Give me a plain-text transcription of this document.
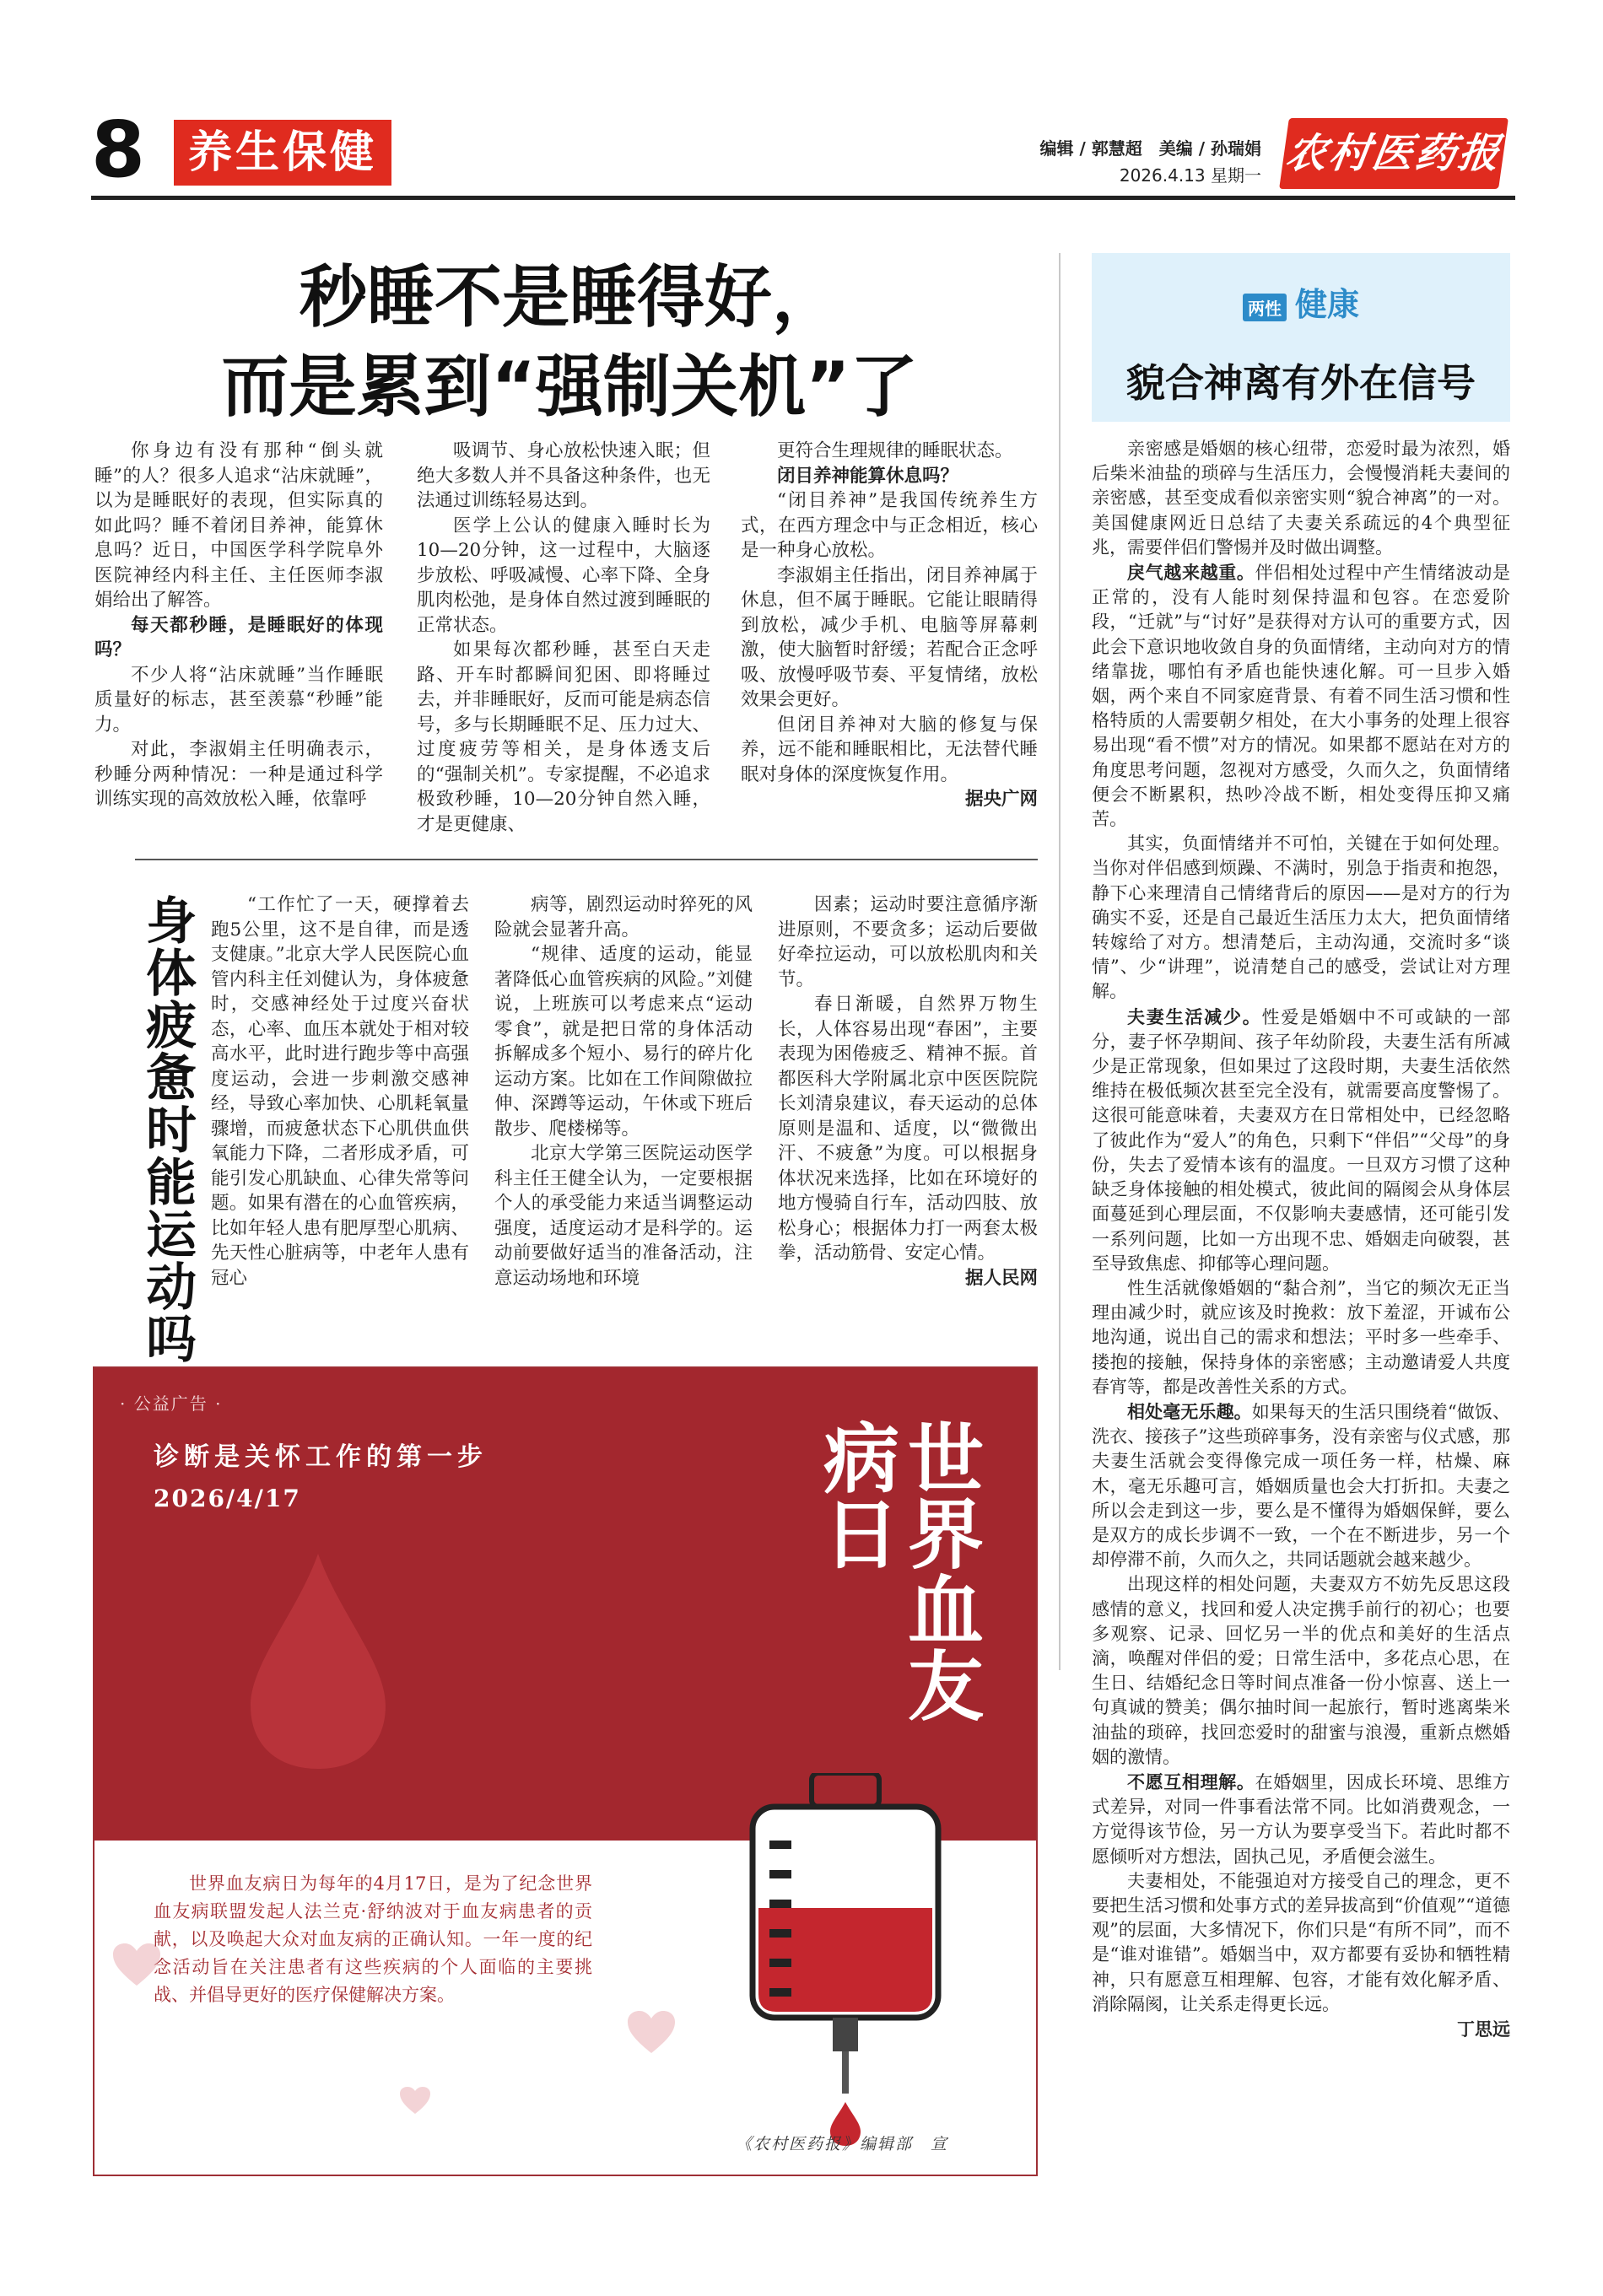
8 养生保健	编辑 / 郭慧超　美编 / 孙瑞娟
2026.4.13 星期一 农村医药报
秒睡不是睡得好，
而是累到“强制关机”了

你身边有没有那种“倒头就睡”的人？很多人追求“沾床就睡”，以为是睡眠好的表现，但实际真的如此吗？睡不着闭目养神，能算休息吗？近日，中国医学科学院阜外医院神经内科主任、主任医师李淑娟给出了解答。

每天都秒睡，是睡眠好的体现吗？

不少人将“沾床就睡”当作睡眠质量好的标志，甚至羡慕“秒睡”能力。

对此，李淑娟主任明确表示，秒睡分两种情况：一种是通过科学训练实现的高效放松入睡，依靠呼

吸调节、身心放松快速入眠；但绝大多数人并不具备这种条件，也无法通过训练轻易达到。

医学上公认的健康入睡时长为10—20分钟，这一过程中，大脑逐步放松、呼吸减慢、心率下降、全身肌肉松弛，是身体自然过渡到睡眠的正常状态。

如果每次都秒睡，甚至白天走路、开车时都瞬间犯困、即将睡过去，并非睡眠好，反而可能是病态信号，多与长期睡眠不足、压力过大、过度疲劳等相关，是身体透支后的“强制关机”。专家提醒，不必追求极致秒睡，10—20分钟自然入睡，才是更健康、

更符合生理规律的睡眠状态。

闭目养神能算休息吗？

“闭目养神”是我国传统养生方式，在西方理念中与正念相近，核心是一种身心放松。

李淑娟主任指出，闭目养神属于休息，但不属于睡眠。它能让眼睛得到放松，减少手机、电脑等屏幕刺激，使大脑暂时舒缓；若配合正念呼吸、放慢呼吸节奏、平复情绪，放松效果会更好。

但闭目养神对大脑的修复与保养，远不能和睡眠相比，无法替代睡眠对身体的深度恢复作用。

据央广网

身体疲惫时能运动吗	“工作忙了一天，硬撑着去跑5公里，这不是自律，而是透支健康。”北京大学人民医院心血管内科主任刘健认为，身体疲惫时，交感神经处于过度兴奋状态，心率、血压本就处于相对较高水平，此时进行跑步等中高强度运动，会进一步刺激交感神经，导致心率加快、心肌耗氧量骤增，而疲惫状态下心肌供血供氧能力下降，二者形成矛盾，可能引发心肌缺血、心律失常等问题。如果有潜在的心血管疾病，比如年轻人患有肥厚型心肌病、先天性心脏病等，中老年人患有冠心

病等，剧烈运动时猝死的风险就会显著升高。

“规律、适度的运动，能显著降低心血管疾病的风险。”刘健说，上班族可以考虑来点“运动零食”，就是把日常的身体活动拆解成多个短小、易行的碎片化运动方案。比如在工作间隙做拉伸、深蹲等运动，午休或下班后散步、爬楼梯等。

北京大学第三医院运动医学科主任王健全认为，一定要根据个人的承受能力来适当调整运动强度，适度运动才是科学的。运动前要做好适当的准备活动，注意运动场地和环境

因素；运动时要注意循序渐进原则，不要贪多；运动后要做好牵拉运动，可以放松肌肉和关节。

春日渐暖，自然界万物生长，人体容易出现“春困”，主要表现为困倦疲乏、精神不振。首都医科大学附属北京中医医院院长刘清泉建议，春天运动的总体原则是温和、适度，以“微微出汗、不疲惫”为度。可以根据身体状况来选择，比如在环境好的地方慢骑自行车，活动四肢、放松身心；根据体力打一两套太极拳，活动筋骨、安定心情。

据人民网

· 公益广告 ·
诊断是关怀工作的第一步
2026/4/17	世界血友病日
世界血友病日为每年的4月17日，是为了纪念世界血友病联盟发起人法兰克·舒纳波对于血友病患者的贡献，以及唤起大众对血友病的正确认知。一年一度的纪念活动旨在关注患者有这些疾病的个人面临的主要挑战、并倡导更好的医疗保健解决方案。
《农村医药报》编辑部　宣
两性 健康
貌合神离有外在信号

亲密感是婚姻的核心纽带，恋爱时最为浓烈，婚后柴米油盐的琐碎与生活压力，会慢慢消耗夫妻间的亲密感，甚至变成看似亲密实则“貌合神离”的一对。美国健康网近日总结了夫妻关系疏远的4个典型征兆，需要伴侣们警惕并及时做出调整。

戾气越来越重。伴侣相处过程中产生情绪波动是正常的，没有人能时刻保持温和包容。在恋爱阶段，“迁就”与“讨好”是获得对方认可的重要方式，因此会下意识地收敛自身的负面情绪，主动向对方的情绪靠拢，哪怕有矛盾也能快速化解。可一旦步入婚姻，两个来自不同家庭背景、有着不同生活习惯和性格特质的人需要朝夕相处，在大小事务的处理上很容易出现“看不惯”对方的情况。如果都不愿站在对方的角度思考问题，忽视对方感受，久而久之，负面情绪便会不断累积，热吵冷战不断，相处变得压抑又痛苦。

其实，负面情绪并不可怕，关键在于如何处理。当你对伴侣感到烦躁、不满时，别急于指责和抱怨，静下心来理清自己情绪背后的原因——是对方的行为确实不妥，还是自己最近生活压力太大，把负面情绪转嫁给了对方。想清楚后，主动沟通，交流时多“谈情”、少“讲理”，说清楚自己的感受，尝试让对方理解。

夫妻生活减少。性爱是婚姻中不可或缺的一部分，妻子怀孕期间、孩子年幼阶段，夫妻生活有所减少是正常现象，但如果过了这段时期，夫妻生活依然维持在极低频次甚至完全没有，就需要高度警惕了。这很可能意味着，夫妻双方在日常相处中，已经忽略了彼此作为“爱人”的角色，只剩下“伴侣”“父母”的身份，失去了爱情本该有的温度。一旦双方习惯了这种缺乏身体接触的相处模式，彼此间的隔阂会从身体层面蔓延到心理层面，不仅影响夫妻感情，还可能引发一系列问题，比如一方出现不忠、婚姻走向破裂，甚至导致焦虑、抑郁等心理问题。

性生活就像婚姻的“黏合剂”，当它的频次无正当理由减少时，就应该及时挽救：放下羞涩，开诚布公地沟通，说出自己的需求和想法；平时多一些牵手、搂抱的接触，保持身体的亲密感；主动邀请爱人共度春宵等，都是改善性关系的方式。

相处毫无乐趣。如果每天的生活只围绕着“做饭、洗衣、接孩子”这些琐碎事务，没有亲密与仪式感，那夫妻生活就会变得像完成一项任务一样，枯燥、麻木，毫无乐趣可言，婚姻质量也会大打折扣。夫妻之所以会走到这一步，要么是不懂得为婚姻保鲜，要么是双方的成长步调不一致，一个在不断进步，另一个却停滞不前，久而久之，共同话题就会越来越少。

出现这样的相处问题，夫妻双方不妨先反思这段感情的意义，找回和爱人决定携手前行的初心；也要多观察、记录、回忆另一半的优点和美好的生活点滴，唤醒对伴侣的爱；日常生活中，多花点心思，在生日、结婚纪念日等时间点准备一份小惊喜、送上一句真诚的赞美；偶尔抽时间一起旅行，暂时逃离柴米油盐的琐碎，找回恋爱时的甜蜜与浪漫，重新点燃婚姻的激情。

不愿互相理解。在婚姻里，因成长环境、思维方式差异，对同一件事看法常不同。比如消费观念，一方觉得该节俭，另一方认为要享受当下。若此时都不愿倾听对方想法，固执己见，矛盾便会滋生。

夫妻相处，不能强迫对方接受自己的理念，更不要把生活习惯和处事方式的差异拔高到“价值观”“道德观”的层面，大多情况下，你们只是“有所不同”，而不是“谁对谁错”。婚姻当中，双方都要有妥协和牺牲精神，只有愿意互相理解、包容，才能有效化解矛盾、消除隔阂，让关系走得更长远。

丁思远
